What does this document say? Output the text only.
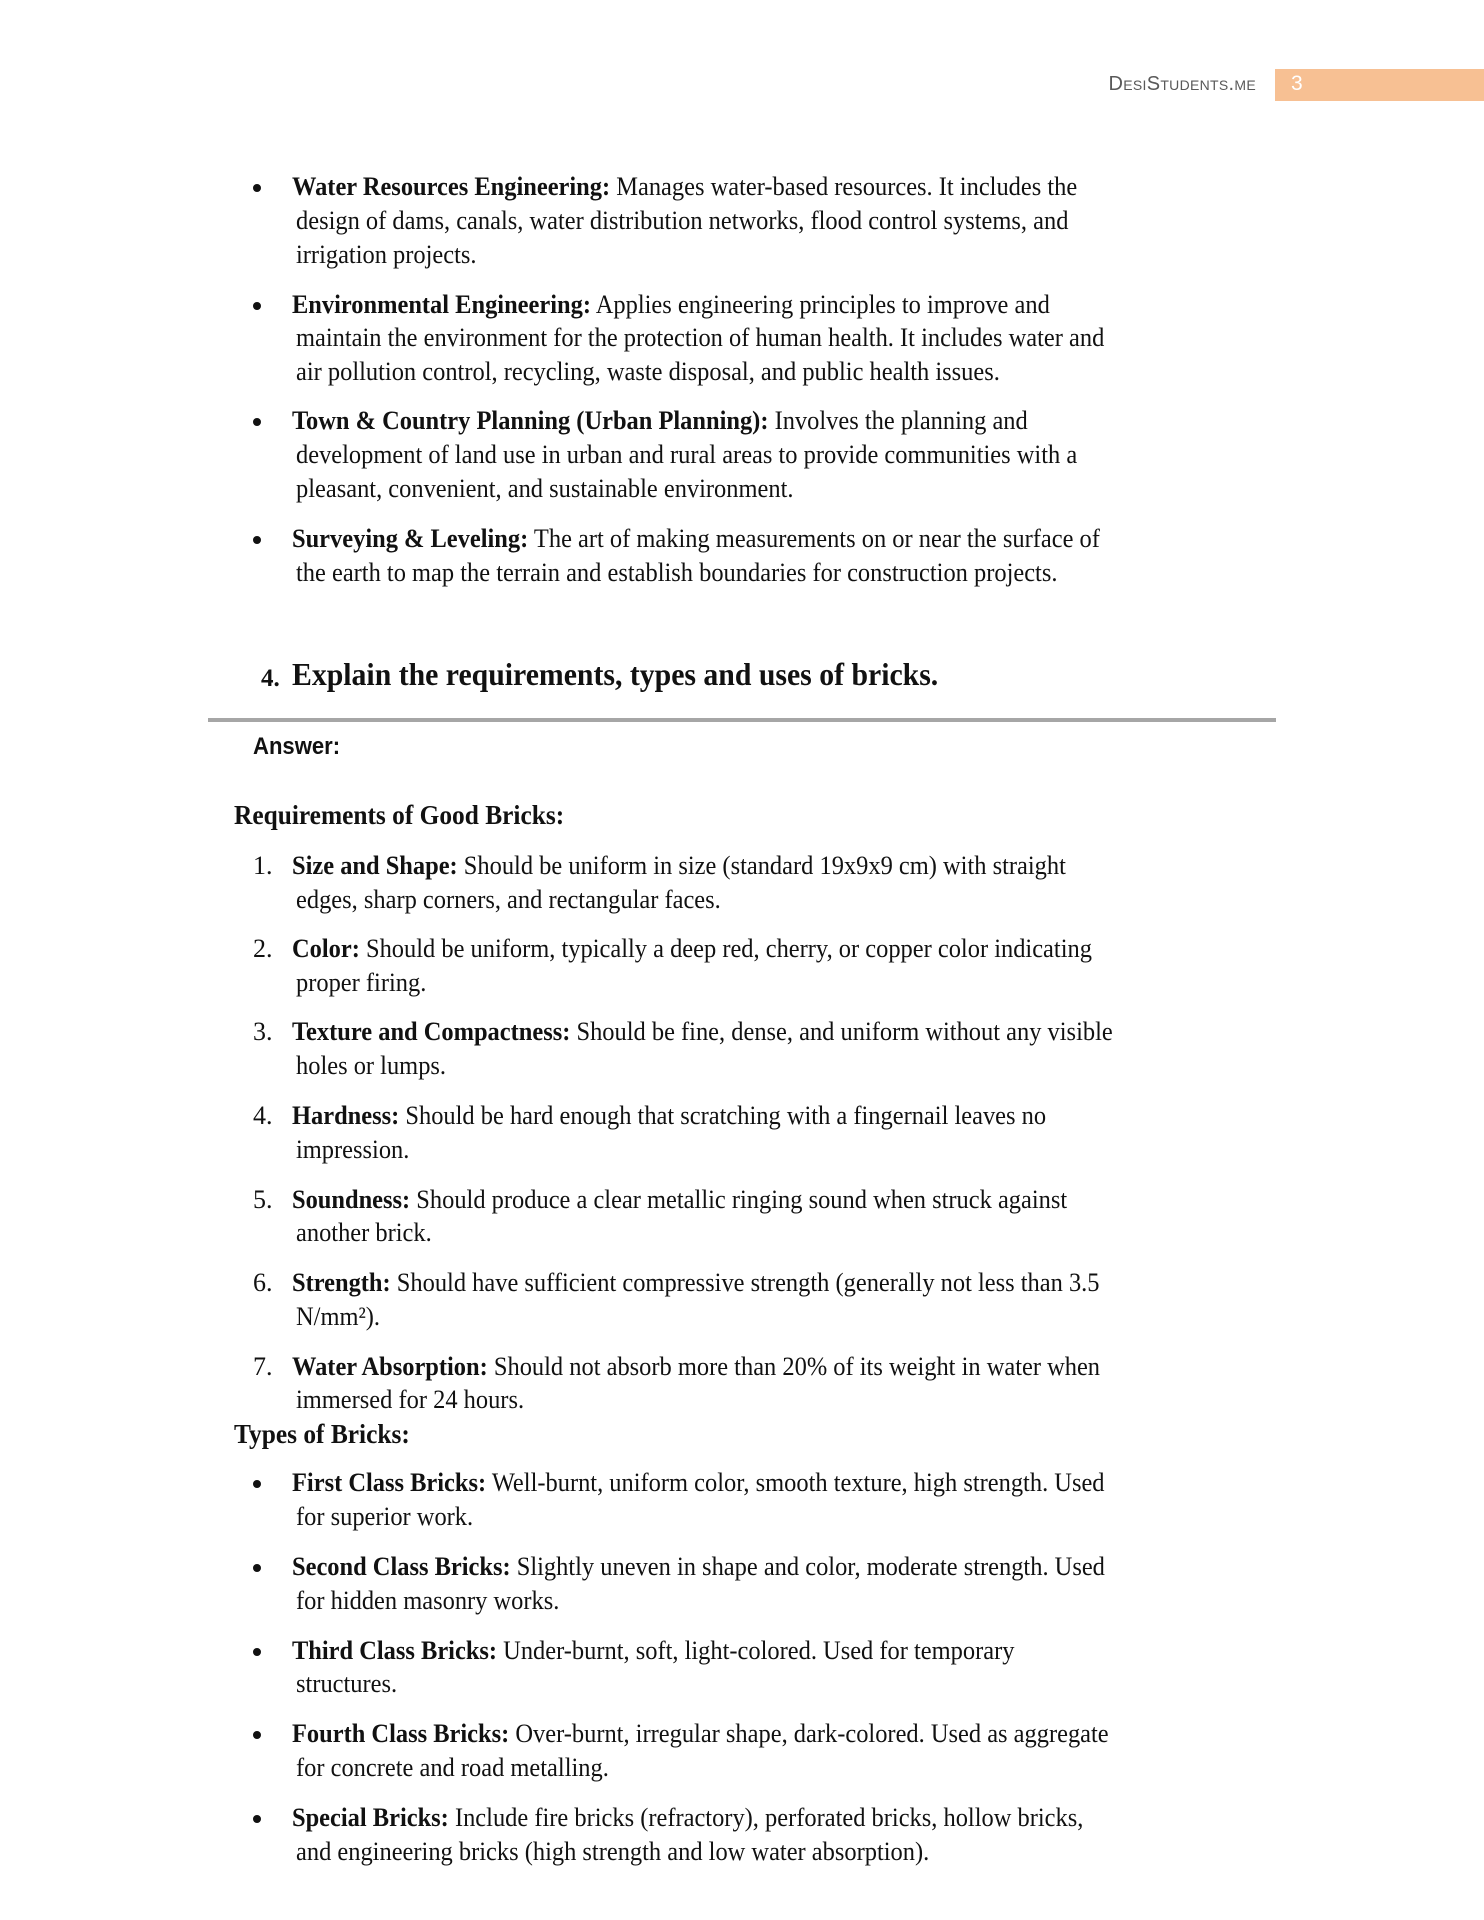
DesiStudents.me 3
Water Resources Engineering: Manages water-based resources. It includes the
design of dams, canals, water distribution networks, flood control systems, and
irrigation projects.
Environmental Engineering: Applies engineering principles to improve and
maintain the environment for the protection of human health. It includes water and
air pollution control, recycling, waste disposal, and public health issues.
Town & Country Planning (Urban Planning): Involves the planning and
development of land use in urban and rural areas to provide communities with a
pleasant, convenient, and sustainable environment.
Surveying & Leveling: The art of making measurements on or near the surface of
the earth to map the terrain and establish boundaries for construction projects.
4. Explain the requirements, types and uses of bricks.
Answer:
Requirements of Good Bricks:
1. Size and Shape: Should be uniform in size (standard 19x9x9 cm) with straight
edges, sharp corners, and rectangular faces.
2. Color: Should be uniform, typically a deep red, cherry, or copper color indicating
proper firing.
3. Texture and Compactness: Should be fine, dense, and uniform without any visible
holes or lumps.
4. Hardness: Should be hard enough that scratching with a fingernail leaves no
impression.
5. Soundness: Should produce a clear metallic ringing sound when struck against
another brick.
6. Strength: Should have sufficient compressive strength (generally not less than 3.5
N/mm²).
7. Water Absorption: Should not absorb more than 20% of its weight in water when
immersed for 24 hours.
Types of Bricks:
First Class Bricks: Well-burnt, uniform color, smooth texture, high strength. Used
for superior work.
Second Class Bricks: Slightly uneven in shape and color, moderate strength. Used
for hidden masonry works.
Third Class Bricks: Under-burnt, soft, light-colored. Used for temporary
structures.
Fourth Class Bricks: Over-burnt, irregular shape, dark-colored. Used as aggregate
for concrete and road metalling.
Special Bricks: Include fire bricks (refractory), perforated bricks, hollow bricks,
and engineering bricks (high strength and low water absorption).
